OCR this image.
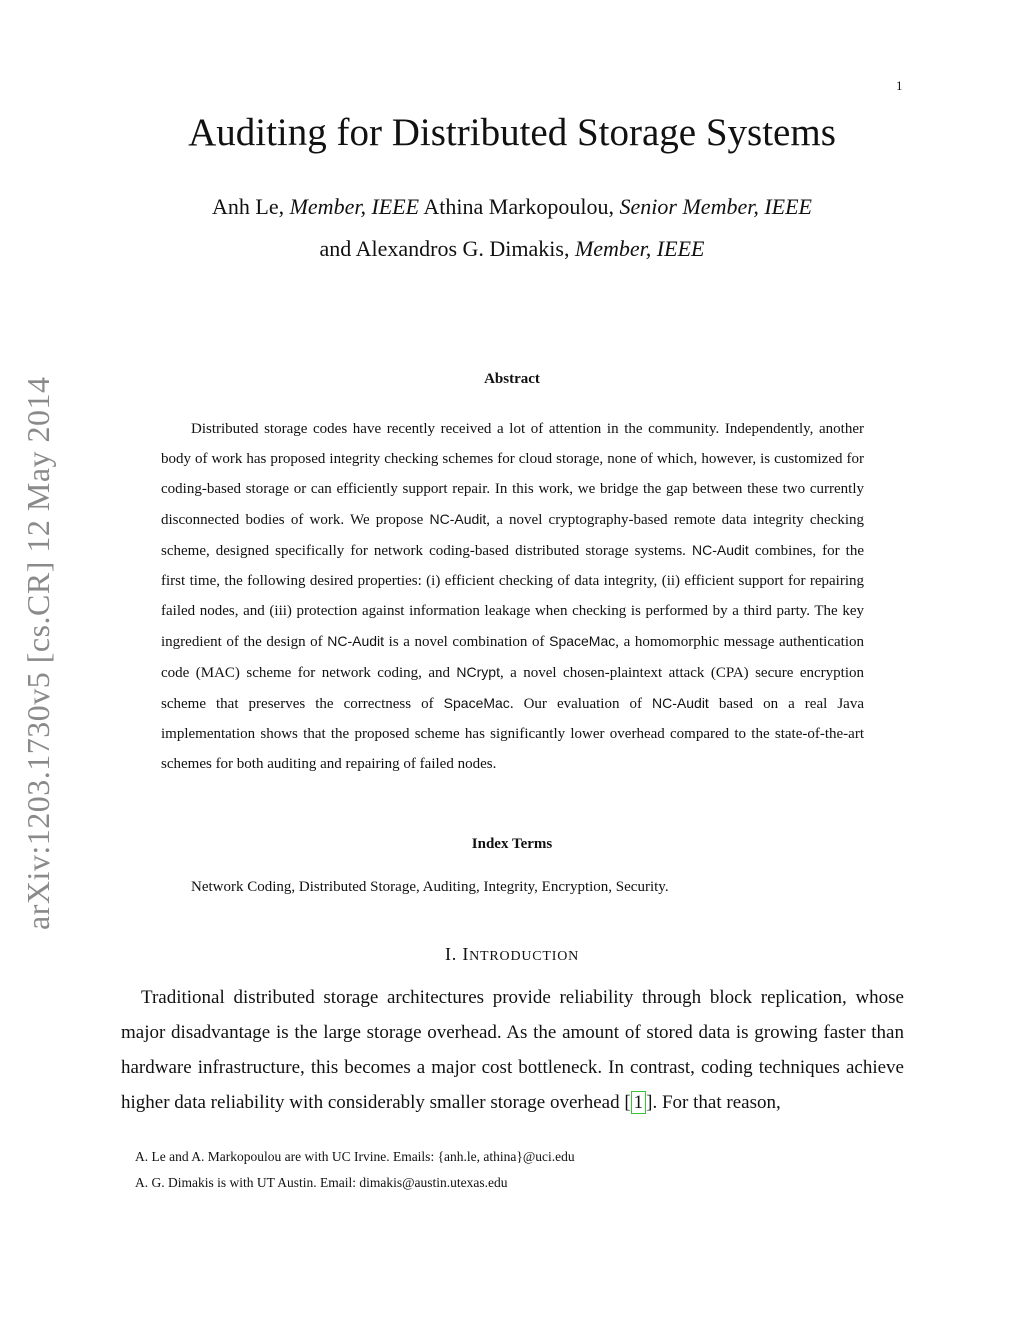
1
arXiv:1203.1730v5 [cs.CR] 12 May 2014
Auditing for Distributed Storage Systems
Anh Le, Member, IEEE Athina Markopoulou, Senior Member, IEEE
and Alexandros G. Dimakis, Member, IEEE
Abstract

Distributed storage codes have recently received a lot of attention in the community. Independently, another body of work has proposed integrity checking schemes for cloud storage, none of which, however, is customized for coding-based storage or can efficiently support repair. In this work, we bridge the gap between these two currently disconnected bodies of work. We propose NC-Audit, a novel cryptography-based remote data integrity checking scheme, designed specifically for network coding-based distributed storage systems. NC-Audit combines, for the first time, the following desired properties: (i) efficient checking of data integrity, (ii) efficient support for repairing failed nodes, and (iii) protection against information leakage when checking is performed by a third party. The key ingredient of the design of NC-Audit is a novel combination of SpaceMac, a homomorphic message authentication code (MAC) scheme for network coding, and NCrypt, a novel chosen-plaintext attack (CPA) secure encryption scheme that preserves the correctness of SpaceMac. Our evaluation of NC-Audit based on a real Java implementation shows that the proposed scheme has significantly lower overhead compared to the state-of-the-art schemes for both auditing and repairing of failed nodes.

Index Terms

Network Coding, Distributed Storage, Auditing, Integrity, Encryption, Security.

I. INTRODUCTION

Traditional distributed storage architectures provide reliability through block replication, whose major disadvantage is the large storage overhead. As the amount of stored data is growing faster than hardware infrastructure, this becomes a major cost bottleneck. In contrast, coding techniques achieve higher data reliability with considerably smaller storage overhead [ 1 ]. For that reason,

A. Le and A. Markopoulou are with UC Irvine. Emails: {anh.le, athina}@uci.edu
A. G. Dimakis is with UT Austin. Email: dimakis@austin.utexas.edu
